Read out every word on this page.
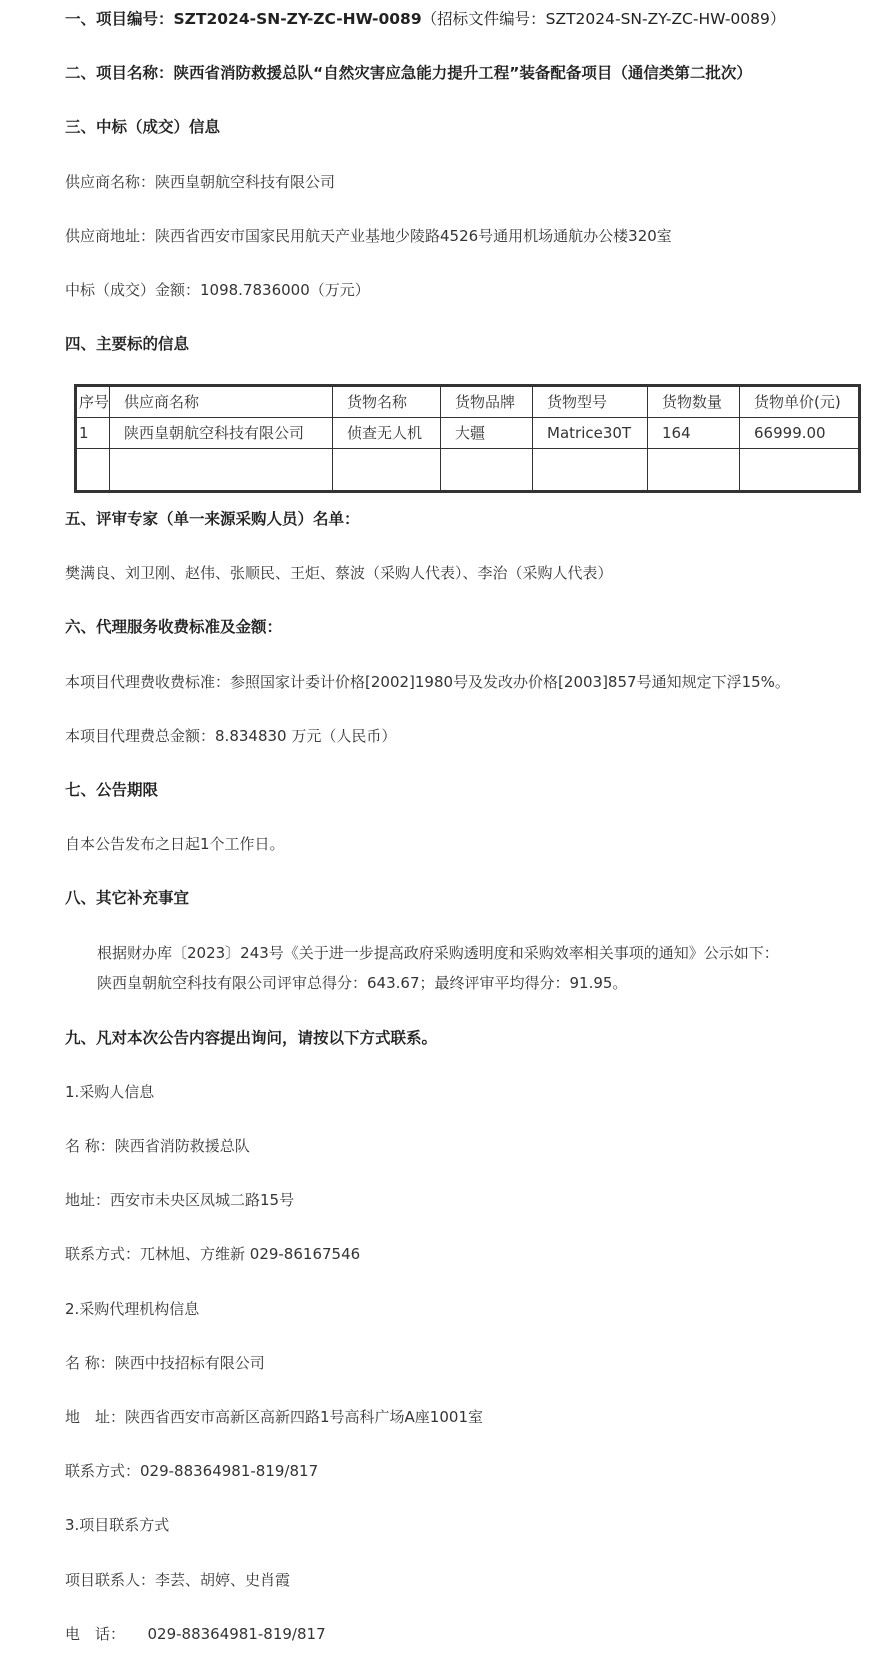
一、项目编号：SZT2024-SN-ZY-ZC-HW-0089（招标文件编号：SZT2024-SN-ZY-ZC-HW-0089）
二、项目名称：陕西省消防救援总队“自然灾害应急能力提升工程”装备配备项目（通信类第二批次）
三、中标（成交）信息
供应商名称：陕西皇朝航空科技有限公司
供应商地址：陕西省西安市国家民用航天产业基地少陵路4526号通用机场通航办公楼320室
中标（成交）金额：1098.7836000（万元）
四、主要标的信息
序号	供应商名称	货物名称	货物品牌	货物型号	货物数量	货物单价(元)
1	陕西皇朝航空科技有限公司	侦查无人机	大疆	Matrice30T	164	66999.00

五、评审专家（单一来源采购人员）名单：
樊满良、刘卫刚、赵伟、张顺民、王炬、蔡波（采购人代表）、李治（采购人代表）
六、代理服务收费标准及金额：
本项目代理费收费标准：参照国家计委计价格[2002]1980号及发改办价格[2003]857号通知规定下浮15%。
本项目代理费总金额：8.834830 万元（人民币）
七、公告期限
自本公告发布之日起1个工作日。
八、其它补充事宜
根据财办库〔2023〕243号《关于进一步提高政府采购透明度和采购效率相关事项的通知》公示如下：
陕西皇朝航空科技有限公司评审总得分：643.67；最终评审平均得分：91.95。
九、凡对本次公告内容提出询问，请按以下方式联系。
1.采购人信息
名 称：陕西省消防救援总队
地址：西安市未央区凤城二路15号
联系方式：兀林旭、方维新 029-86167546
2.采购代理机构信息
名 称：陕西中技招标有限公司
地　址：陕西省西安市高新区高新四路1号高科广场A座1001室
联系方式：029-88364981-819/817
3.项目联系方式
项目联系人：李芸、胡婷、史肖霞
电　话：　　029-88364981-819/817
